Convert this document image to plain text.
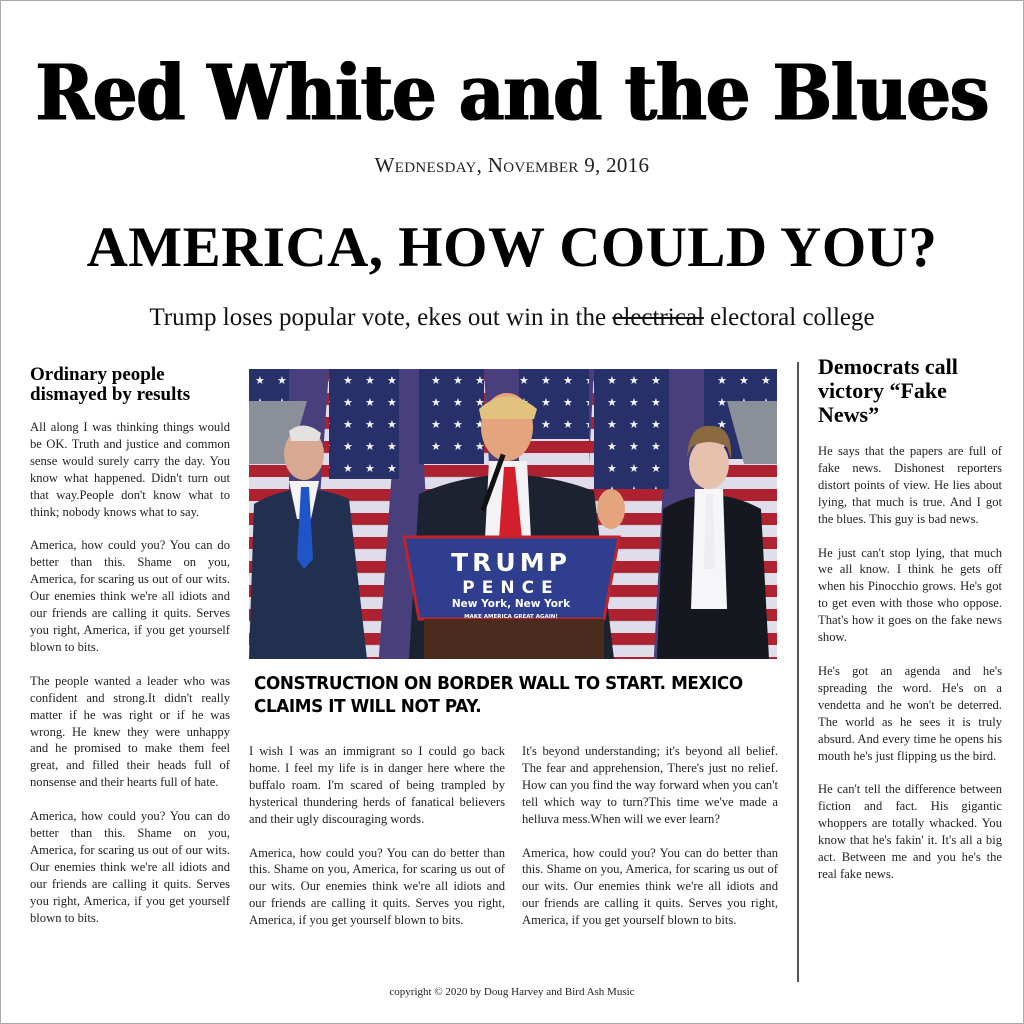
Red White and the Blues
Wednesday, November 9, 2016
AMERICA, HOW COULD YOU?
Trump loses popular vote, ekes out win in the electrical electoral college
Ordinary people dismayed by results

All along I was thinking things would be OK. Truth and justice and common sense would surely carry the day. You know what happened. Didn't turn out that way.People don't know what to think; nobody knows what to say.

America, how could you? You can do better than this. Shame on you, America, for scaring us out of our wits. Our enemies think we're all idiots and our friends are calling it quits. Serves you right, America, if you get yourself blown to bits.

The people wanted a leader who was confident and strong.It didn't really matter if he was right or if he was wrong. He knew they were unhappy and he promised to make them feel great, and filled their heads full of nonsense and their hearts full of hate.

America, how could you? You can do better than this. Shame on you, America, for scaring us out of our wits. Our enemies think we're all idiots and our friends are calling it quits. Serves you right, America, if you get yourself blown to bits.

TRUMP
PENCE
New York, New York
MAKE AMERICA GREAT AGAIN!
CONSTRUCTION ON BORDER WALL TO START. MEXICO CLAIMS IT WILL NOT PAY.

I wish I was an immigrant so I could go back home. I feel my life is in danger here where the buffalo roam. I'm scared of being trampled by hysterical thundering herds of fanatical believers and their ugly discouraging words.

America, how could you? You can do better than this. Shame on you, America, for scaring us out of our wits. Our enemies think we're all idiots and our friends are calling it quits. Serves you right, America, if you get yourself blown to bits.

It's beyond understanding; it's beyond all belief. The fear and apprehension, There's just no relief. How can you find the way forward when you can't tell which way to turn?This time we've made a helluva mess.When will we ever learn?

America, how could you? You can do better than this. Shame on you, America, for scaring us out of our wits. Our enemies think we're all idiots and our friends are calling it quits. Serves you right, America, if you get yourself blown to bits.

Democrats call victory “Fake News”

He says that the papers are full of fake news. Dishonest reporters distort points of view. He lies about lying, that much is true. And I got the blues. This guy is bad news.

He just can't stop lying, that much we all know. I think he gets off when his Pinocchio grows. He's got to get even with those who oppose. That's how it goes on the fake news show.

He's got an agenda and he's spreading the word. He's on a vendetta and he won't be deterred. The world as he sees it is truly absurd. And every time he opens his mouth he's just flipping us the bird.

He can't tell the difference between fiction and fact. His gigantic whoppers are totally whacked. You know that he's fakin' it. It's all a big act. Between me and you he's the real fake news.

copyright © 2020 by Doug Harvey and Bird Ash Music
